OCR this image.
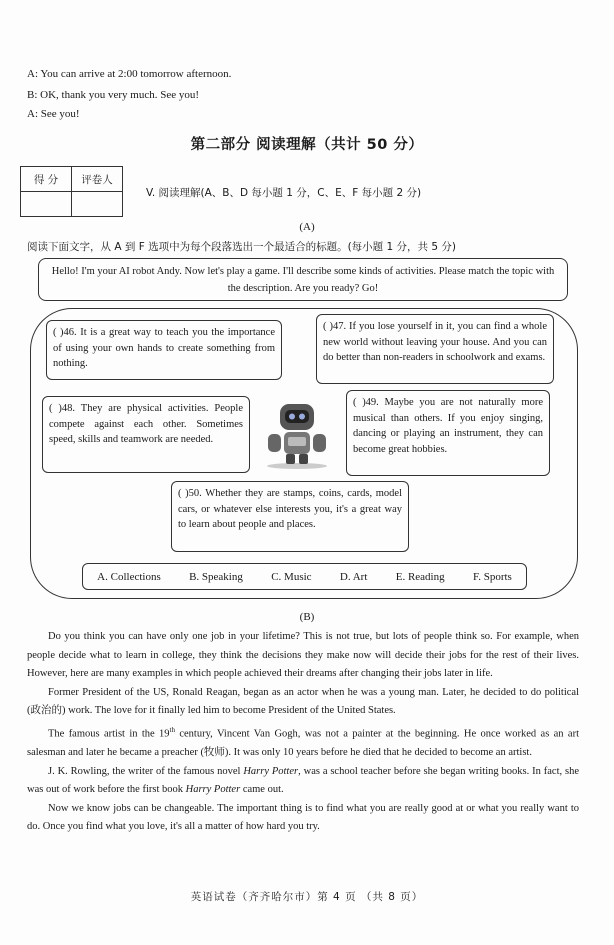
A: You can arrive at 2:00 tomorrow afternoon.
B: OK, thank you very much. See you!
A: See you!
第二部分 阅读理解（共计 50 分）
得 分	评卷人

V. 阅读理解(A、B、D 每小题 1 分，C、E、F 每小题 2 分)
(A)
阅读下面文字，从 A 到 F 选项中为每个段落选出一个最适合的标题。(每小题 1 分，共 5 分)
Hello! I'm your AI robot Andy. Now let's play a game. I'll describe some kinds of activities. Please match the topic with the description. Are you ready? Go!
( )46. It is a great way to teach you the importance of using your own hands to create something from nothing.
( )47. If you lose yourself in it, you can find a whole new world without leaving your house. And you can do better than non-readers in schoolwork and exams.
( )48. They are physical activities. People compete against each other. Sometimes speed, skills and teamwork are needed.
( )49. Maybe you are not naturally more musical than others. If you enjoy singing, dancing or playing an instrument, they can become great hobbies.
( )50. Whether they are stamps, coins, cards, model cars, or whatever else interests you, it's a great way to learn about people and places.
A. Collections	B. Speaking	C. Music	D. Art	E. Reading	F. Sports
(B)

Do you think you can have only one job in your lifetime? This is not true, but lots of people think so. For example, when people decide what to learn in college, they think the decisions they make now will decide their jobs for the rest of their lives. However, here are many examples in which people achieved their dreams after changing their jobs later in life.

Former President of the US, Ronald Reagan, began as an actor when he was a young man. Later, he decided to do political (政治的) work. The love for it finally led him to become President of the United States.

The famous artist in the 19th century, Vincent Van Gogh, was not a painter at the beginning. He once worked as an art salesman and later he became a preacher (牧师). It was only 10 years before he died that he decided to become an artist.

J. K. Rowling, the writer of the famous novel Harry Potter, was a school teacher before she began writing books. In fact, she was out of work before the first book Harry Potter came out.

Now we know jobs can be changeable. The important thing is to find what you are really good at or what you really want to do. Once you find what you love, it's all a matter of how hard you try.

英语试卷（齐齐哈尔市）第 4 页 （共 8 页）
